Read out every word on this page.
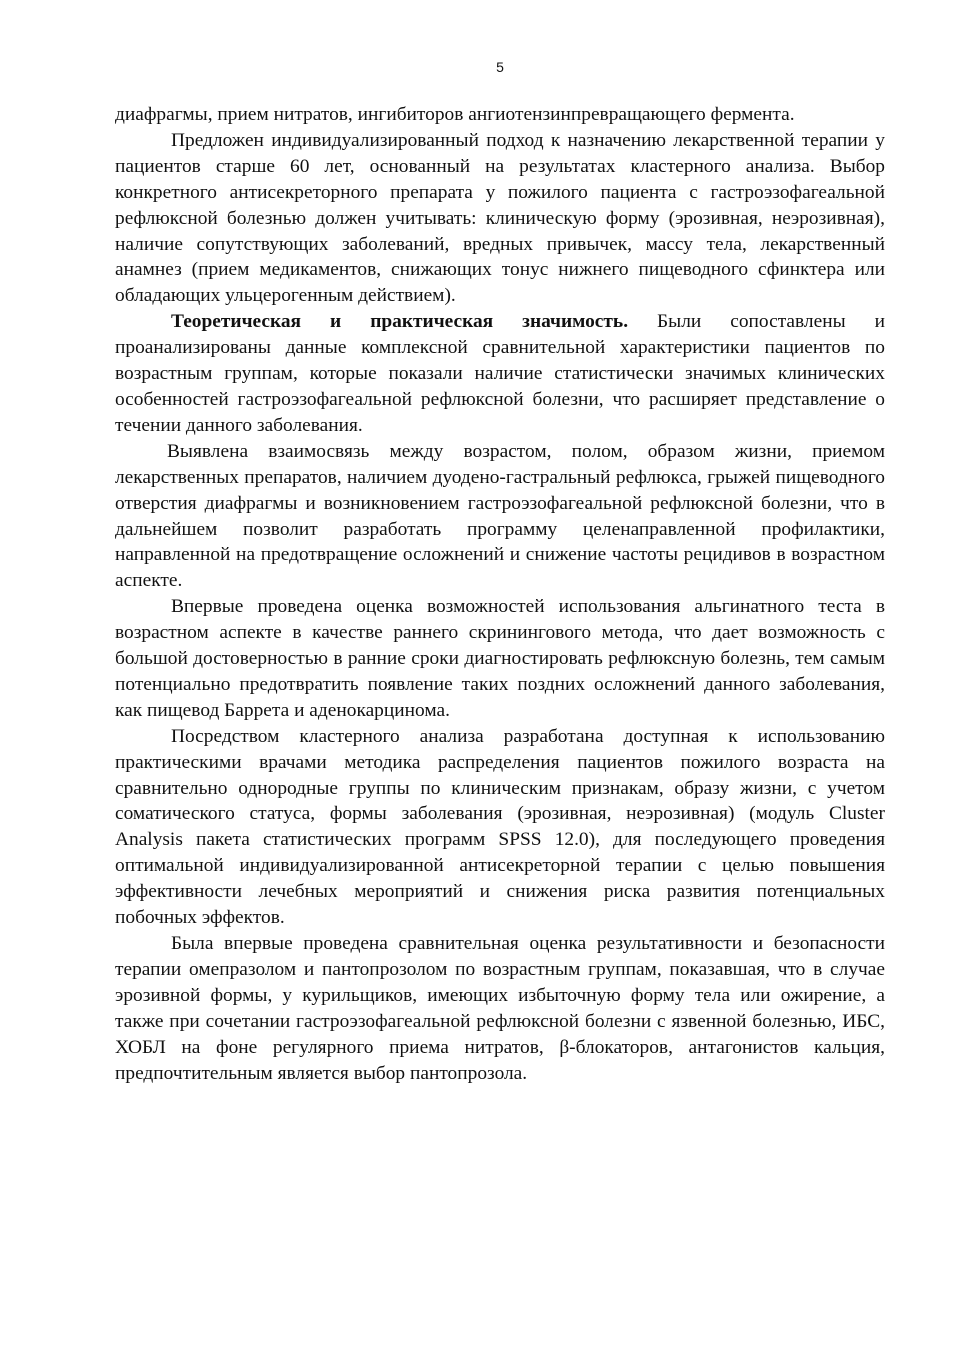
5

диафрагмы, прием нитратов, ингибиторов ангиотензинпревращающего фермента.

Предложен индивидуализированный подход к назначению лекарственной терапии у пациентов старше 60 лет, основанный на результатах кластерного анализа. Выбор конкретного антисекреторного препарата у пожилого пациента с гастроэзофагеальной рефлюксной болезнью должен учитывать: клиническую форму (эрозивная, неэрозивная), наличие сопутствующих заболеваний, вредных привычек, массу тела, лекарственный анамнез (прием медикаментов, снижающих тонус нижнего пищеводного сфинктера или обладающих ульцерогенным действием).

Теоретическая и практическая значимость. Были сопоставлены и проанализированы данные комплексной сравнительной характеристики пациентов по возрастным группам, которые показали наличие статистически значимых клинических особенностей гастроэзофагеальной рефлюксной болезни, что расширяет представление о течении данного заболевания.

Выявлена взаимосвязь между возрастом, полом, образом жизни, приемом лекарственных препаратов, наличием дуодено-гастральный рефлюкса, грыжей пищеводного отверстия диафрагмы и возникновением гастроэзофагеальной рефлюксной болезни, что в дальнейшем позволит разработать программу целенаправленной профилактики, направленной на предотвращение осложнений и снижение частоты рецидивов в возрастном аспекте.

Впервые проведена оценка возможностей использования альгинатного теста в возрастном аспекте в качестве раннего скринингового метода, что дает возможность с большой достоверностью в ранние сроки диагностировать рефлюксную болезнь, тем самым потенциально предотвратить появление таких поздних осложнений данного заболевания, как пищевод Баррета и аденокарцинома.

Посредством кластерного анализа разработана доступная к использованию практическими врачами методика распределения пациентов пожилого возраста на сравнительно однородные группы по клиническим признакам, образу жизни, с учетом соматического статуса, формы заболевания (эрозивная, неэрозивная) (модуль Cluster Analysis пакета статистических программ SPSS 12.0), для последующего проведения оптимальной индивидуализированной антисекреторной терапии с целью повышения эффективности лечебных мероприятий и снижения риска развития потенциальных побочных эффектов.

Была впервые проведена сравнительная оценка результативности и безопасности терапии омепразолом и пантопрозолом по возрастным группам, показавшая, что в случае эрозивной формы, у курильщиков, имеющих избыточную форму тела или ожирение, а также при сочетании гастроэзофагеальной рефлюксной болезни с язвенной болезнью, ИБС, ХОБЛ на фоне регулярного приема нитратов, β-блокаторов, антагонистов кальция, предпочтительным является выбор пантопрозола.
